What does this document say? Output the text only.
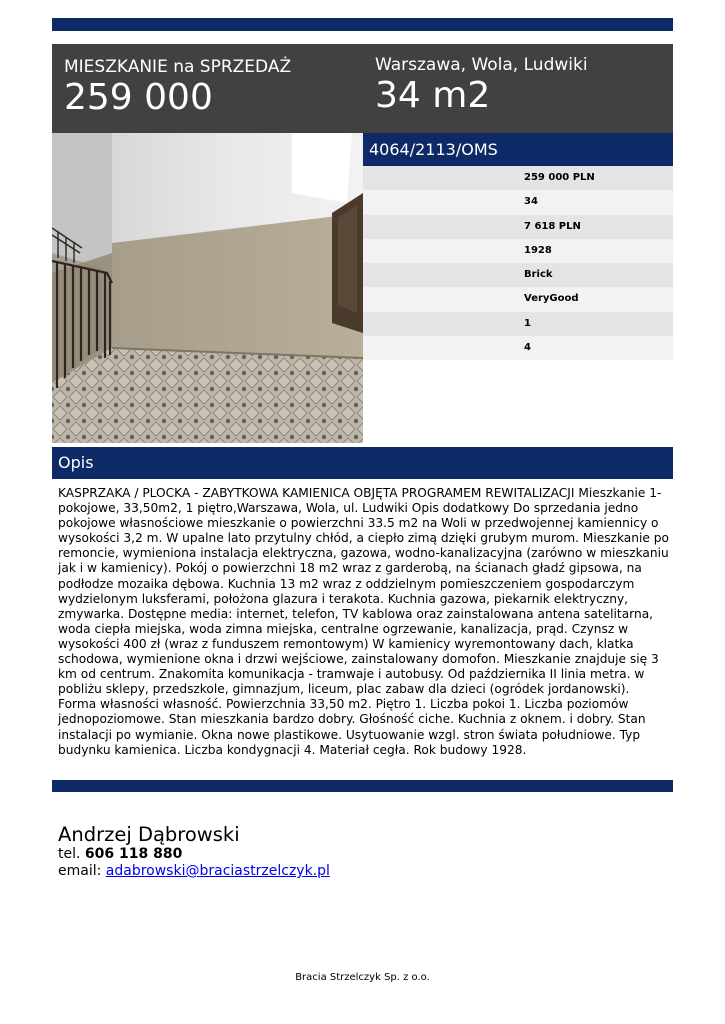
MIESZKANIE na SPRZEDAŻ
259 000
Warszawa, Wola, Ludwiki
34 m2
4064/2113/OMS
259 000 PLN
34
7 618 PLN
1928
Brick
VeryGood
1
4
Opis
KASPRZAKA / PLOCKA - ZABYTKOWA KAMIENICA OBJĘTA PROGRAMEM REWITALIZACJI Mieszkanie 1-pokojowe, 33,50m2, 1 piętro,Warszawa, Wola, ul. Ludwiki Opis dodatkowy Do sprzedania jedno pokojowe własnościowe mieszkanie o powierzchni 33.5 m2 na Woli w przedwojennej kamiennicy o wysokości 3,2 m. W upalne lato przytulny chłód, a ciepło zimą dzięki grubym murom. Mieszkanie po remoncie, wymieniona instalacja elektryczna, gazowa, wodno-kanalizacyjna (zarówno w mieszkaniu jak i w kamienicy). Pokój o powierzchni 18 m2 wraz z garderobą, na ścianach gładź gipsowa, na podłodze mozaika dębowa. Kuchnia 13 m2 wraz z oddzielnym pomieszczeniem gospodarczym wydzielonym luksferami, położona glazura i terakota. Kuchnia gazowa, piekarnik elektryczny, zmywarka. Dostępne media: internet, telefon, TV kablowa oraz zainstalowana antena satelitarna, woda ciepła miejska, woda zimna miejska, centralne ogrzewanie, kanalizacja, prąd. Czynsz w wysokości 400 zł (wraz z funduszem remontowym) W kamienicy wyremontowany dach, klatka schodowa, wymienione okna i drzwi wejściowe, zainstalowany domofon. Mieszkanie znajduje się 3 km od centrum. Znakomita komunikacja - tramwaje i autobusy. Od października II linia metra. w pobliżu sklepy, przedszkole, gimnazjum, liceum, plac zabaw dla dzieci (ogródek jordanowski). Forma własności własność. Powierzchnia 33,50 m2. Piętro 1. Liczba pokoi 1. Liczba poziomów jednopoziomowe. Stan mieszkania bardzo dobry. Głośność ciche. Kuchnia z oknem. i dobry. Stan instalacji po wymianie. Okna nowe plastikowe. Usytuowanie wzgl. stron świata południowe. Typ budynku kamienica. Liczba kondygnacji 4. Materiał cegła. Rok budowy 1928.
Andrzej Dąbrowski
tel. 606 118 880
email: adabrowski@braciastrzelczyk.pl
Bracia Strzelczyk Sp. z o.o.
